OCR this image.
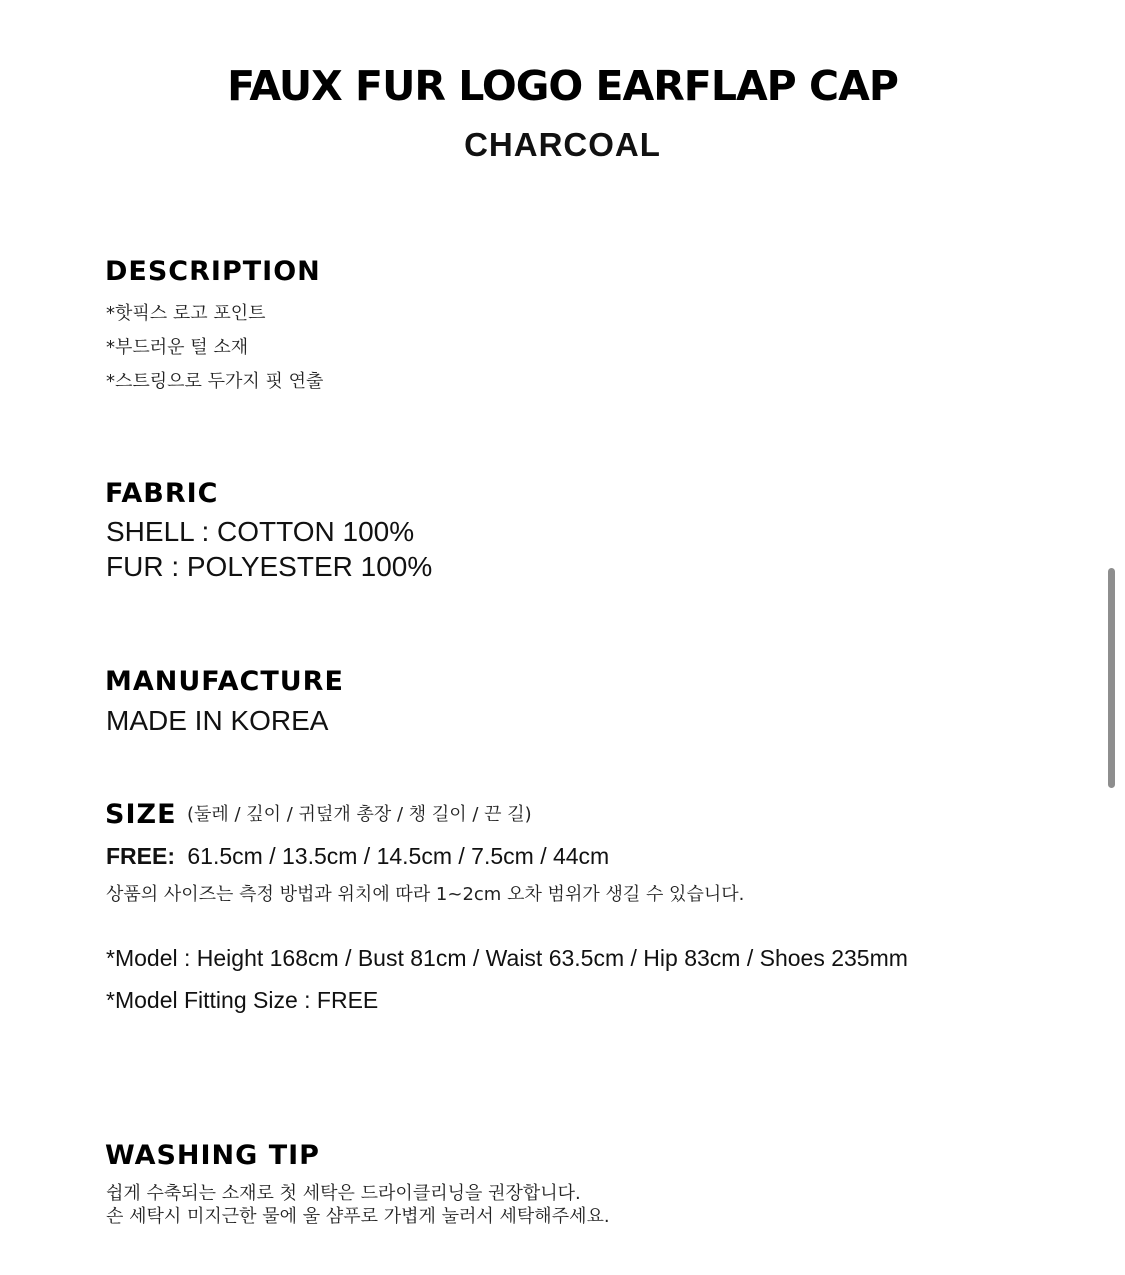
FAUX FUR LOGO EARFLAP CAP
CHARCOAL
DESCRIPTION
*핫픽스 로고 포인트
*부드러운 털 소재
*스트링으로 두가지 핏 연출
FABRIC
SHELL : COTTON 100%
FUR : POLYESTER 100%
MANUFACTURE
MADE IN KOREA
SIZE (둘레 / 깊이 / 귀덮개 총장 / 챙 길이 / 끈 길)
FREE: 61.5cm / 13.5cm / 14.5cm / 7.5cm / 44cm
상품의 사이즈는 측정 방법과 위치에 따라 1~2cm 오차 범위가 생길 수 있습니다.
*Model : Height 168cm / Bust 81cm / Waist 63.5cm / Hip 83cm / Shoes 235mm
*Model Fitting Size : FREE
WASHING TIP
쉽게 수축되는 소재로 첫 세탁은 드라이클리닝을 권장합니다.
손 세탁시 미지근한 물에 울 샴푸로 가볍게 눌러서 세탁해주세요.
